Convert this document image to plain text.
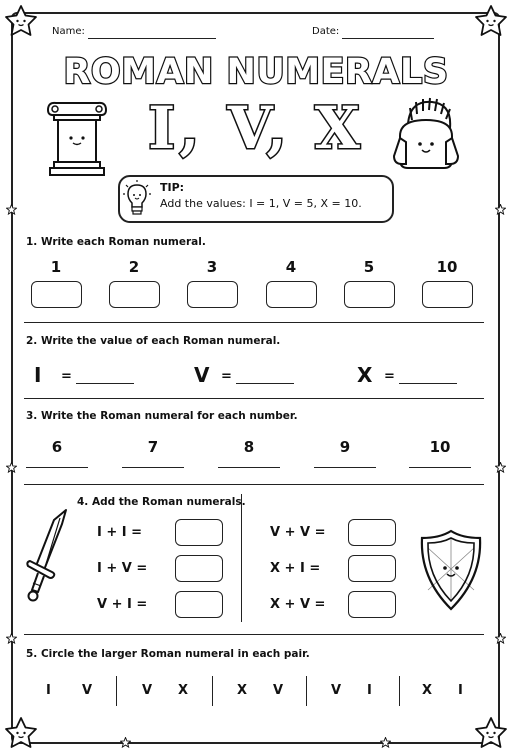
Name:	Date:
ROMAN NUMERALS
I, V, X
TIP:
Add the values: I = 1, V = 5, X = 10.
1. Write each Roman numeral.
1	2	3	4	5	10
2. Write the value of each Roman numeral.
I =	V =	X =
3. Write the Roman numeral for each number.
6	7	8	9	10
4. Add the Roman numerals.
I + I =
I + V =
V + I =
V + V =
X + I =
X + V =
5. Circle the larger Roman numeral in each pair.
I V	V X	X V	V I	X I
